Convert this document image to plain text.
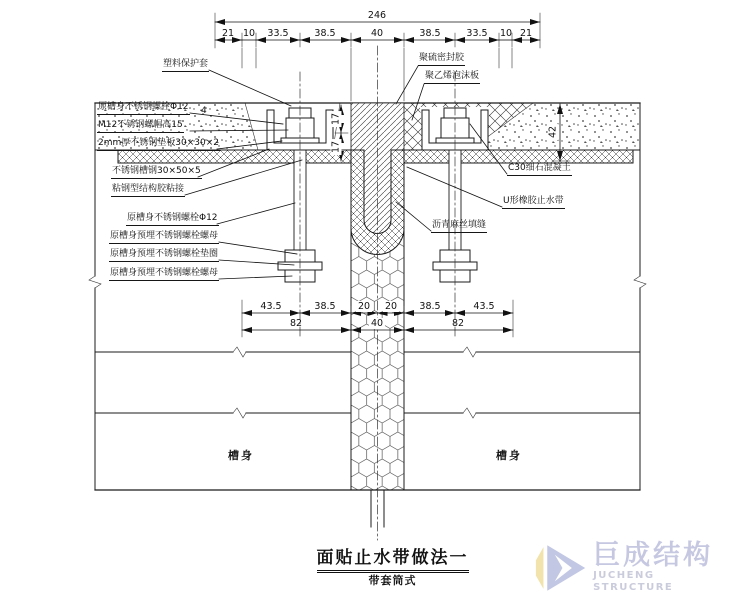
塑料保护套
原槽身不锈钢螺栓Φ12
M12不锈钢螺帽高15
2mm厚不锈钢垫板30×30×2
不锈钢槽钢30×50×5
粘钢型结构胶粘接
原槽身不锈钢螺栓Φ12
原槽身预埋不锈钢螺栓螺母
原槽身预埋不锈钢螺栓垫圈
原槽身预埋不锈钢螺栓螺母
聚硫密封胶
聚乙烯泡沫板
C30细石混凝土
U形橡胶止水带
沥青麻丝填缝
246
21 10 33.5	38.5	40	38.5	33.5 10 21
43.5	38.5 20 20 38.5	43.5
82	40	82
17
17
42
4
槽身	槽身
面贴止水带做法一
带套筒式
巨成结构
JUCHENG STRUCTURE
